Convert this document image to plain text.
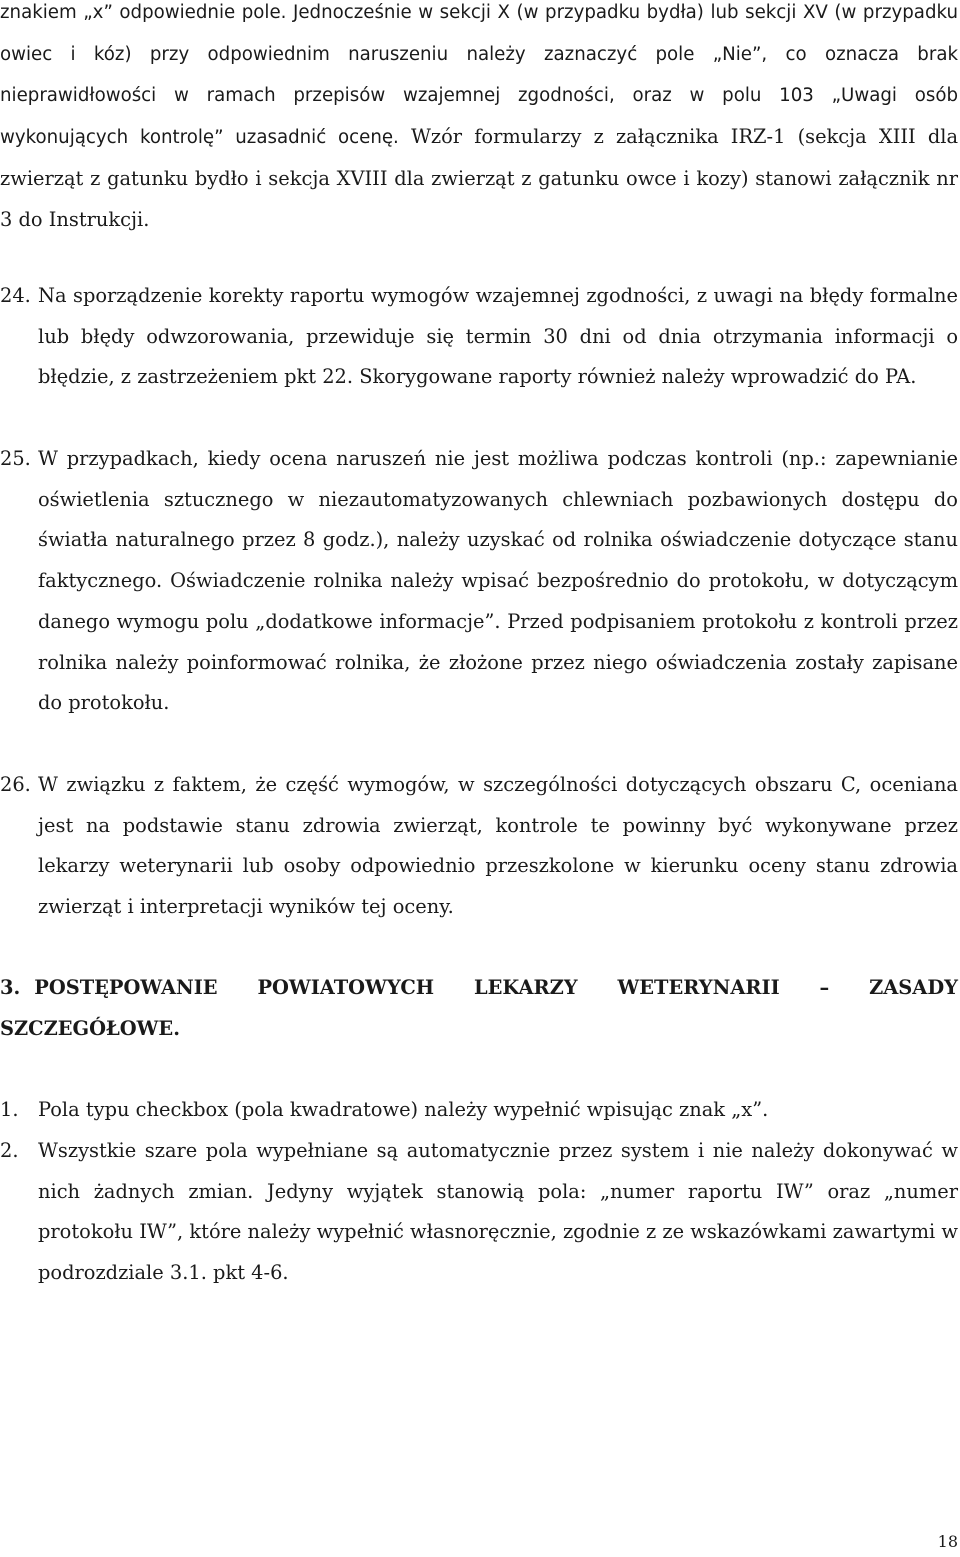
znakiem „x” odpowiednie pole. Jednocześnie w sekcji X (w przypadku bydła) lub sekcji XV (w przypadku owiec i kóz) przy odpowiednim naruszeniu należy zaznaczyć pole „Nie”, co oznacza brak nieprawidłowości w ramach przepisów wzajemnej zgodności, oraz w polu 103 „Uwagi osób wykonujących kontrolę” uzasadnić ocenę. Wzór formularzy z załącznika IRZ-1 (sekcja XIII dla zwierząt z gatunku bydło i sekcja XVIII dla zwierząt z gatunku owce i kozy) stanowi załącznik nr 3 do Instrukcji.

24. Na sporządzenie korekty raportu wymogów wzajemnej zgodności, z uwagi na błędy formalne lub błędy odwzorowania, przewiduje się termin 30 dni od dnia otrzymania informacji o błędzie, z zastrzeżeniem pkt 22. Skorygowane raporty również należy wprowadzić do PA.
25. W przypadkach, kiedy ocena naruszeń nie jest możliwa podczas kontroli (np.: zapewnianie oświetlenia sztucznego w niezautomatyzowanych chlewniach pozbawionych dostępu do światła naturalnego przez 8 godz.), należy uzyskać od rolnika oświadczenie dotyczące stanu faktycznego. Oświadczenie rolnika należy wpisać bezpośrednio do protokołu, w dotyczącym danego wymogu polu „dodatkowe informacje”. Przed podpisaniem protokołu z kontroli przez rolnika należy poinformować rolnika, że złożone przez niego oświadczenia zostały zapisane do protokołu.
26. W związku z faktem, że część wymogów, w szczególności dotyczących obszaru C, oceniana jest na podstawie stanu zdrowia zwierząt, kontrole te powinny być wykonywane przez lekarzy weterynarii lub osoby odpowiednio przeszkolone w kierunku oceny stanu zdrowia zwierząt i interpretacji wyników tej oceny.
3. POSTĘPOWANIE POWIATOWYCH LEKARZY WETERYNARII – ZASADY SZCZEGÓŁOWE.
1.	Pola typu checkbox (pola kwadratowe) należy wypełnić wpisując znak „x”.
2.	Wszystkie szare pola wypełniane są automatycznie przez system i nie należy dokonywać w nich żadnych zmian. Jedyny wyjątek stanowią pola: „numer raportu IW” oraz „numer protokołu IW”, które należy wypełnić własnoręcznie, zgodnie z ze wskazówkami zawartymi w podrozdziale 3.1. pkt 4-6.
18
